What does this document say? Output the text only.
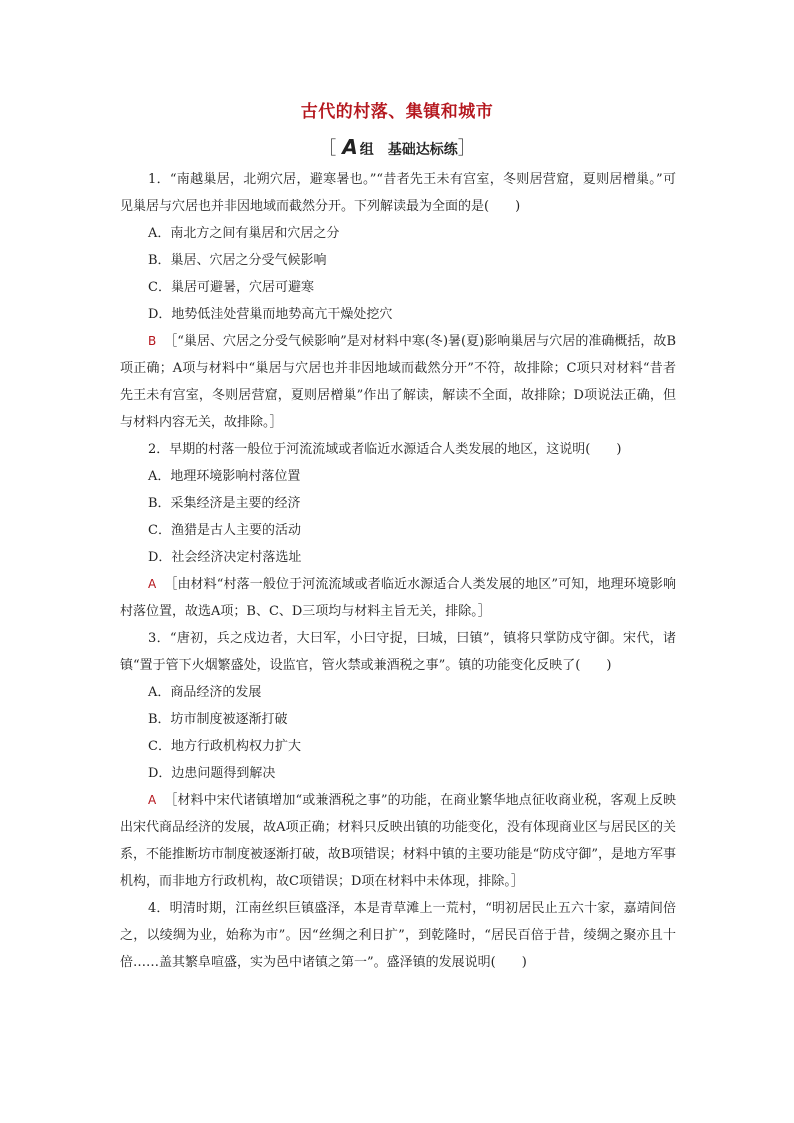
古代的村落、集镇和城市
［ A 组 基础达标练］

1．“南越巢居，北朔穴居，避寒暑也。”“昔者先王未有宫室，冬则居营窟，夏则居橧巢。”可见巢居与穴居也并非因地域而截然分开。下列解读最为全面的是(　　)

A．南北方之间有巢居和穴居之分

B．巢居、穴居之分受气候影响

C．巢居可避暑，穴居可避寒

D．地势低洼处营巢而地势高亢干燥处挖穴

B ［“巢居、穴居之分受气候影响”是对材料中寒(冬)暑(夏)影响巢居与穴居的准确概括，故B项正确；A项与材料中“巢居与穴居也并非因地域而截然分开”不符，故排除；C项只对材料“昔者先王未有宫室，冬则居营窟，夏则居橧巢”作出了解读，解读不全面，故排除；D项说法正确，但与材料内容无关，故排除。］

2．早期的村落一般位于河流流域或者临近水源适合人类发展的地区，这说明(　　)

A．地理环境影响村落位置

B．采集经济是主要的经济

C．渔猎是古人主要的活动

D．社会经济决定村落选址

A ［由材料“村落一般位于河流流域或者临近水源适合人类发展的地区”可知，地理环境影响村落位置，故选A项；B、C、D三项均与材料主旨无关，排除。］

3．“唐初，兵之戍边者，大曰军，小曰守捉，曰城，曰镇”，镇将只掌防戍守御。宋代，诸镇“置于管下火烟繁盛处，设监官，管火禁或兼酒税之事”。镇的功能变化反映了(　　)

A．商品经济的发展

B．坊市制度被逐渐打破

C．地方行政机构权力扩大

D．边患问题得到解决

A ［材料中宋代诸镇增加“或兼酒税之事”的功能，在商业繁华地点征收商业税，客观上反映出宋代商品经济的发展，故A项正确；材料只反映出镇的功能变化，没有体现商业区与居民区的关系，不能推断坊市制度被逐渐打破，故B项错误；材料中镇的主要功能是“防戍守御”，是地方军事机构，而非地方行政机构，故C项错误；D项在材料中未体现，排除。］

4．明清时期，江南丝织巨镇盛泽，本是青草滩上一荒村，“明初居民止五六十家，嘉靖间倍之，以绫绸为业，始称为市”。因“丝绸之利日扩”，到乾隆时，“居民百倍于昔，绫绸之聚亦且十倍……盖其繁阜喧盛，实为邑中诸镇之第一”。盛泽镇的发展说明(　　)
